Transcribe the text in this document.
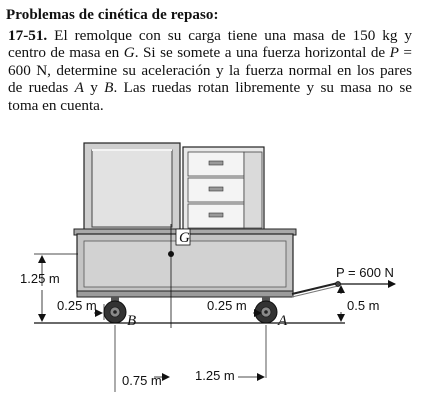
Problemas de cinética de repaso:
17-51. El remolque con su carga tiene una masa de 150 kg y centro de masa en G. Si se somete a una fuerza horizontal de P = 600 N, determine su aceleración y la fuerza normal en los pares de ruedas A y B. Las ruedas rotan libremente y su masa no se toma en cuenta.
G
B	A
P = 600 N
1.25 m
0.25 m	0.25 m	0.5 m
0.75 m	1.25 m
